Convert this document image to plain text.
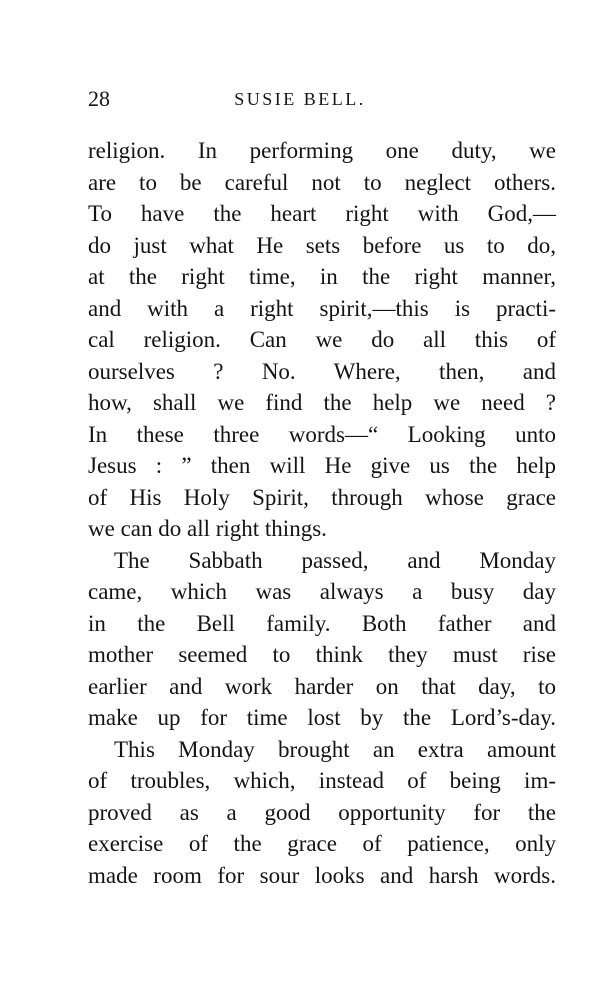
28	SUSIE BELL.
religion. In performing one duty, we
are to be careful not to neglect others.
To have the heart right with God,—
do just what He sets before us to do,
at the right time, in the right manner,
and with a right spirit,—this is practi-
cal religion. Can we do all this of
ourselves ? No. Where, then, and
how, shall we find the help we need ?
In these three words—“ Looking unto
Jesus : ” then will He give us the help
of His Holy Spirit, through whose grace
we can do all right things.
The Sabbath passed, and Monday
came, which was always a busy day
in the Bell family. Both father and
mother seemed to think they must rise
earlier and work harder on that day, to
make up for time lost by the Lord’s-day.
This Monday brought an extra amount
of troubles, which, instead of being im-
proved as a good opportunity for the
exercise of the grace of patience, only
made room for sour looks and harsh words.
